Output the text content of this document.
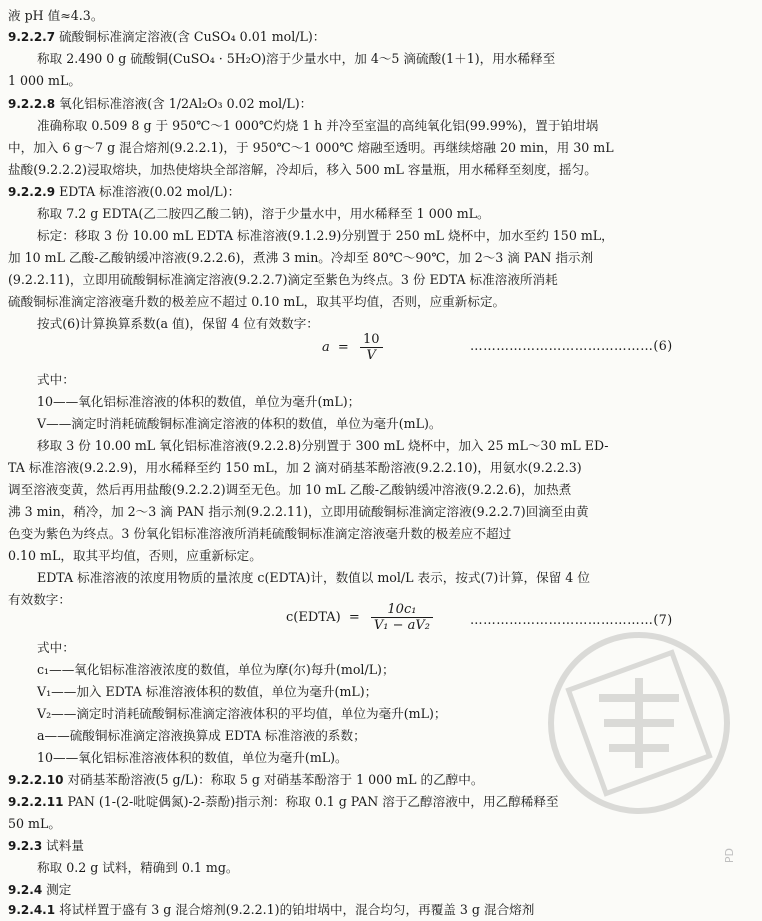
$a = \frac{10}{V}$	……………………………………(6)
c(EDTA) = $\frac{\text{10c₁}}{\text{V₁ − aV₂}}$	……………………………………(7)
PD
液 pH 值≈4.3。
9.2.2.7 硫酸铜标准滴定溶液(含 CuSO₄ 0.01 mol/L)：
称取 2.490 0 g 硫酸铜(CuSO₄ · 5H₂O)溶于少量水中，加 4～5 滴硫酸(1＋1)，用水稀释至
1 000 mL。
9.2.2.8 氧化铝标准溶液(含 1/2Al₂O₃ 0.02 mol/L)：
准确称取 0.509 8 g 于 950℃～1 000℃灼烧 1 h 并冷至室温的高纯氧化铝(99.99%)，置于铂坩埚
中，加入 6 g～7 g 混合熔剂(9.2.2.1)，于 950℃～1 000℃ 熔融至透明。再继续熔融 20 min，用 30 mL
盐酸(9.2.2.2)浸取熔块，加热使熔块全部溶解，冷却后，移入 500 mL 容量瓶，用水稀释至刻度，摇匀。
9.2.2.9 EDTA 标准溶液(0.02 mol/L)：
称取 7.2 g EDTA(乙二胺四乙酸二钠)，溶于少量水中，用水稀释至 1 000 mL。
标定：移取 3 份 10.00 mL EDTA 标准溶液(9.1.2.9)分别置于 250 mL 烧杯中，加水至约 150 mL，
加 10 mL 乙酸-乙酸钠缓冲溶液(9.2.2.6)，煮沸 3 min。冷却至 80℃～90℃，加 2～3 滴 PAN 指示剂
(9.2.2.11)，立即用硫酸铜标准滴定溶液(9.2.2.7)滴定至紫色为终点。3 份 EDTA 标准溶液所消耗
硫酸铜标准滴定溶液毫升数的极差应不超过 0.10 mL，取其平均值，否则，应重新标定。
按式(6)计算换算系数(a 值)，保留 4 位有效数字：
式中：
10——氧化铝标准溶液的体积的数值，单位为毫升(mL)；
V——滴定时消耗硫酸铜标准滴定溶液的体积的数值，单位为毫升(mL)。
移取 3 份 10.00 mL 氧化铝标准溶液(9.2.2.8)分别置于 300 mL 烧杯中，加入 25 mL～30 mL ED-
TA 标准溶液(9.2.2.9)，用水稀释至约 150 mL，加 2 滴对硝基苯酚溶液(9.2.2.10)，用氨水(9.2.2.3)
调至溶液变黄，然后再用盐酸(9.2.2.2)调至无色。加 10 mL 乙酸-乙酸钠缓冲溶液(9.2.2.6)，加热煮
沸 3 min，稍冷，加 2～3 滴 PAN 指示剂(9.2.2.11)，立即用硫酸铜标准滴定溶液(9.2.2.7)回滴至由黄
色变为紫色为终点。3 份氧化铝标准溶液所消耗硫酸铜标准滴定溶液毫升数的极差应不超过
0.10 mL，取其平均值，否则，应重新标定。
EDTA 标准溶液的浓度用物质的量浓度 c(EDTA)计，数值以 mol/L 表示，按式(7)计算，保留 4 位
有效数字：
式中：
c₁——氧化铝标准溶液浓度的数值，单位为摩(尔)每升(mol/L)；
V₁——加入 EDTA 标准溶液体积的数值，单位为毫升(mL)；
V₂——滴定时消耗硫酸铜标准滴定溶液体积的平均值，单位为毫升(mL)；
a——硫酸铜标准滴定溶液换算成 EDTA 标准溶液的系数；
10——氧化铝标准溶液体积的数值，单位为毫升(mL)。
9.2.2.10 对硝基苯酚溶液(5 g/L)：称取 5 g 对硝基苯酚溶于 1 000 mL 的乙醇中。
9.2.2.11 PAN (1-(2-吡啶偶氮)-2-萘酚)指示剂：称取 0.1 g PAN 溶于乙醇溶液中，用乙醇稀释至
50 mL。
9.2.3 试料量
称取 0.2 g 试料，精确到 0.1 mg。
9.2.4 测定
9.2.4.1 将试样置于盛有 3 g 混合熔剂(9.2.2.1)的铂坩埚中，混合均匀，再覆盖 3 g 混合熔剂
